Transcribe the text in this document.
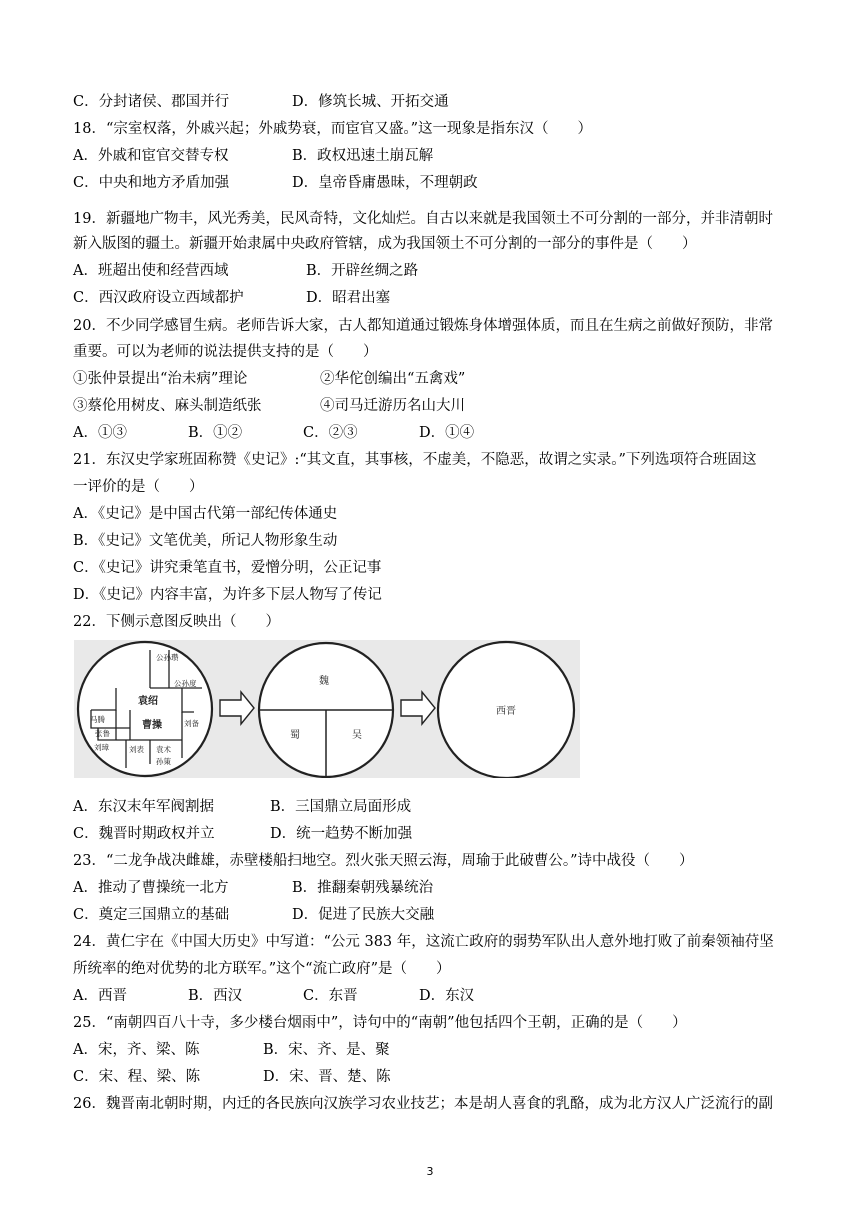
C．分封诸侯、郡国并行	D．修筑长城、开拓交通
18．“宗室权落，外戚兴起；外戚势衰，而宦官又盛。”这一现象是指东汉（　　）
A．外戚和宦官交替专权	B．政权迅速土崩瓦解
C．中央和地方矛盾加强	D．皇帝昏庸愚昧，不理朝政
19．新疆地广物丰，风光秀美，民风奇特，文化灿烂。自古以来就是我国领土不可分割的一部分，并非清朝时
新入版图的疆土。新疆开始隶属中央政府管辖，成为我国领土不可分割的一部分的事件是（　　）
A．班超出使和经营西域	B．开辟丝绸之路
C．西汉政府设立西域都护	D．昭君出塞
20．不少同学感冒生病。老师告诉大家，古人都知道通过锻炼身体增强体质，而且在生病之前做好预防，非常
重要。可以为老师的说法提供支持的是（　　）
①张仲景提出“治未病”理论	②华佗创编出“五禽戏”
③蔡伦用树皮、麻头制造纸张	④司马迁游历名山大川
A．①③	B．①②	C．②③	D．①④
21．东汉史学家班固称赞《史记》:“其文直，其事核，不虚美，不隐恶，故谓之实录。”下列选项符合班固这
一评价的是（　　）
A．《史记》是中国古代第一部纪传体通史
B．《史记》文笔优美，所记人物形象生动
C．《史记》讲究秉笔直书，爱憎分明，公正记事
D．《史记》内容丰富，为许多下层人物写了传记
22．下侧示意图反映出（　　）
公孙瓒
公孙度
马腾
张鲁
刘备
刘璋	刘表 袁术
孙策
袁绍
曹操
魏
蜀	吴
西晋
A．东汉末年军阀割据	B．三国鼎立局面形成
C．魏晋时期政权并立	D．统一趋势不断加强
23．“二龙争战决雌雄，赤壁楼船扫地空。烈火张天照云海，周瑜于此破曹公。”诗中战役（　　）
A．推动了曹操统一北方	B．推翻秦朝残暴统治
C．奠定三国鼎立的基础	D．促进了民族大交融
24．黄仁宇在《中国大历史》中写道：“公元 383 年，这流亡政府的弱势军队出人意外地打败了前秦领袖苻坚
所统率的绝对优势的北方联军。”这个“流亡政府”是（　　）
A．西晋	B．西汉	C．东晋	D．东汉
25．“南朝四百八十寺，多少楼台烟雨中”，诗句中的“南朝”他包括四个王朝，正确的是（　　）
A．宋，齐、梁、陈	B．宋、齐、是、聚
C．宋、程、梁、陈	D．宋、晋、楚、陈
26．魏晋南北朝时期，内迁的各民族向汉族学习农业技艺；本是胡人喜食的乳酪，成为北方汉人广泛流行的副
3
